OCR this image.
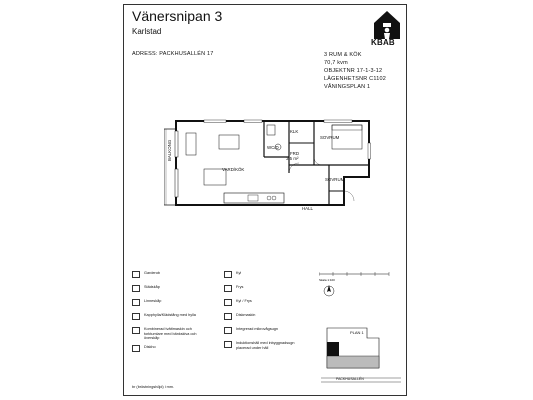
Vänersnipan 3
Karlstad
KBAB
ADRESS: PACKHUSALLÉN 17	3 RUM & KÖK
70,7 kvm
OBJEKTNR 17-1-3-12
LÄGENHETSNR C1102
VÅNINGSPLAN 1
BALKONG
VARD/KÖK
WC/D
KLK
SOVRUM
FRD
3.5 m²
SOVRUM
HALL
Garderob
Städskåp
Linneskåp
Kapphylla/Klädstång med hylla
Kombinerad tvättmaskin och torktumlare med bänkskiva och överskåp
Diskho
Kyl
Frys
Kyl / Frys
Diskmaskin
Integrerad mikrovågsugn
Induktionshäll med inbyggnadsugn placerad under häll
Skala 1:100
PLAN 1
PACKHUSALLÉN
br (bröstningshöjd) i mm.
